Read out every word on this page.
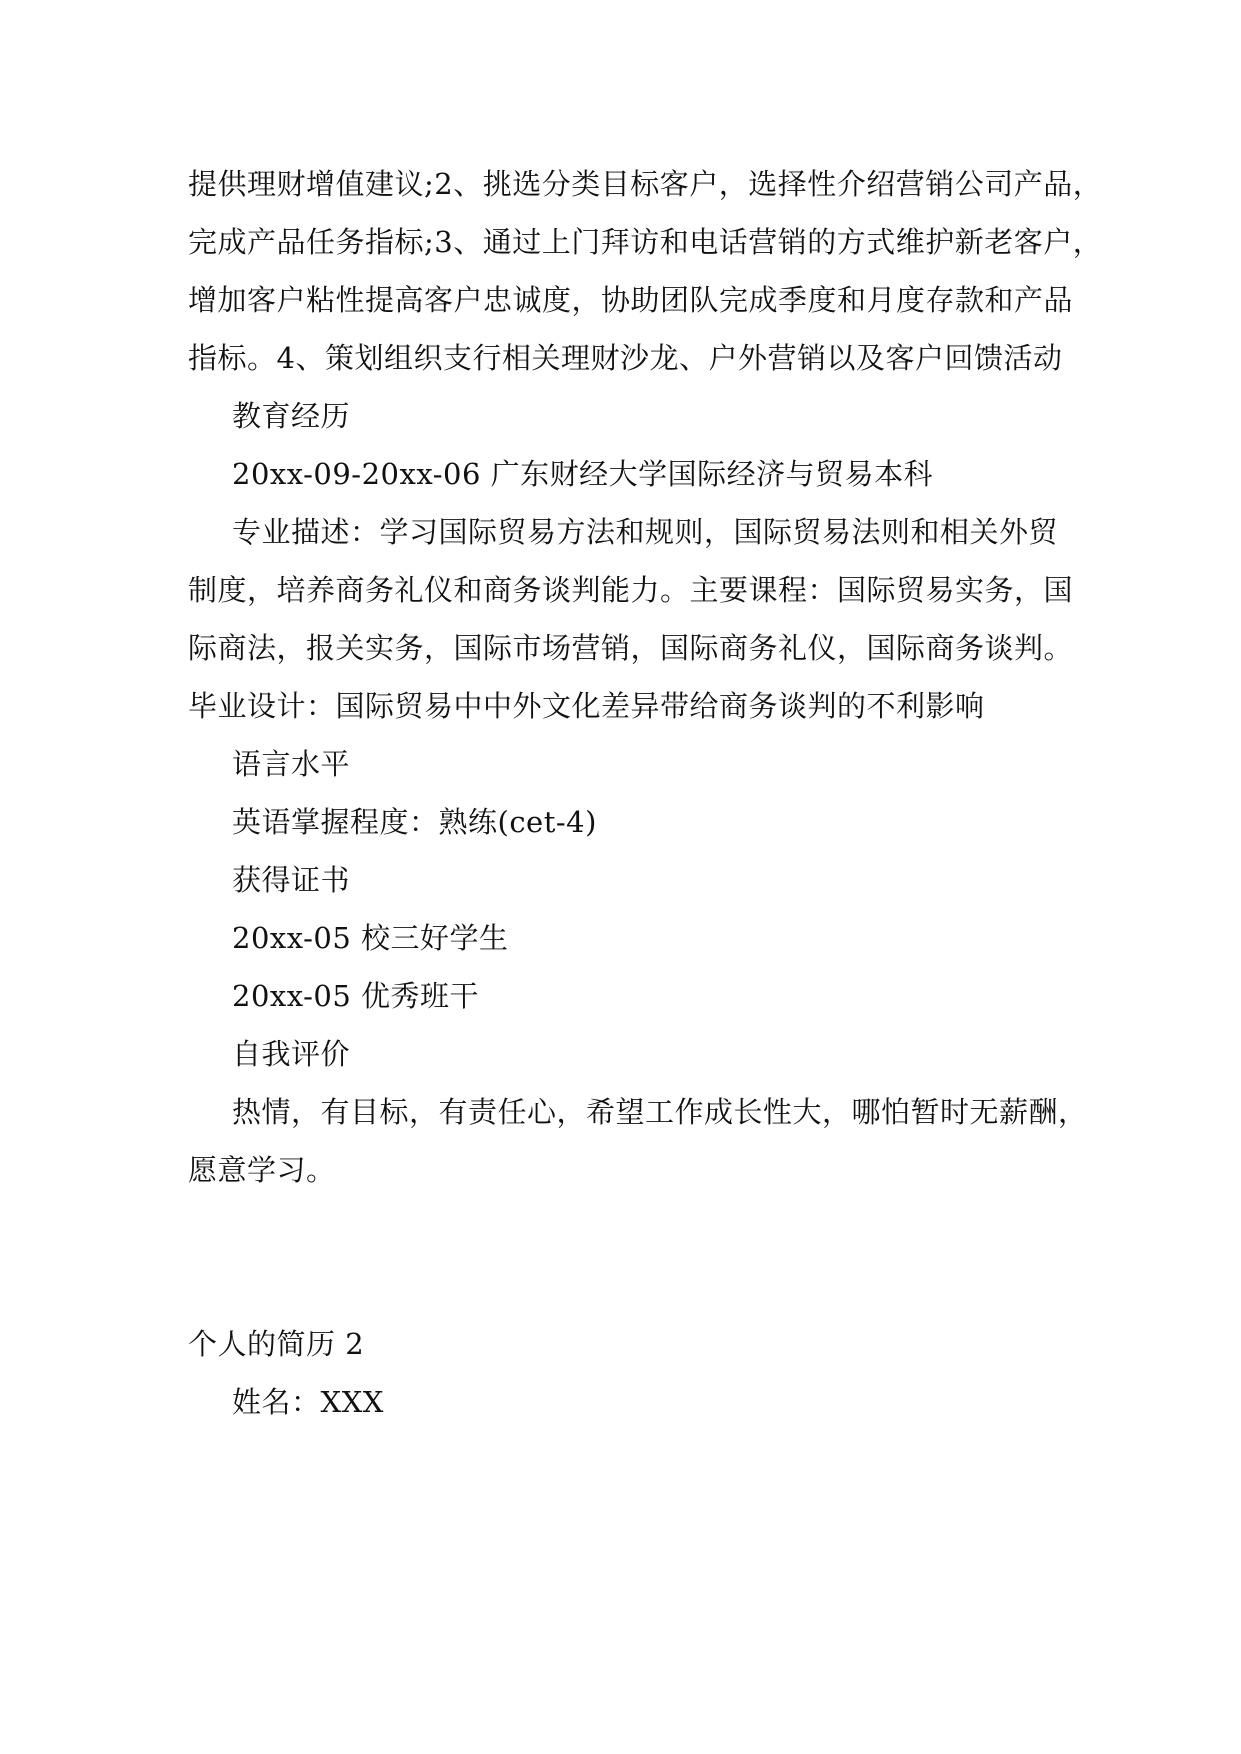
提供理财增值建议;2、挑选分类目标客户，选择性介绍营销公司产品，
完成产品任务指标;3、通过上门拜访和电话营销的方式维护新老客户，
增加客户粘性提高客户忠诚度，协助团队完成季度和月度存款和产品
指标。4、策划组织支行相关理财沙龙、户外营销以及客户回馈活动
教育经历
20xx-09-20xx-06 广东财经大学国际经济与贸易本科
专业描述：学习国际贸易方法和规则，国际贸易法则和相关外贸
制度，培养商务礼仪和商务谈判能力。主要课程：国际贸易实务，国
际商法，报关实务，国际市场营销，国际商务礼仪，国际商务谈判。
毕业设计：国际贸易中中外文化差异带给商务谈判的不利影响
语言水平
英语掌握程度：熟练(cet-4)
获得证书
20xx-05 校三好学生
20xx-05 优秀班干
自我评价
热情，有目标，有责任心，希望工作成长性大，哪怕暂时无薪酬，
愿意学习。
个人的简历 2
姓名：XXX
